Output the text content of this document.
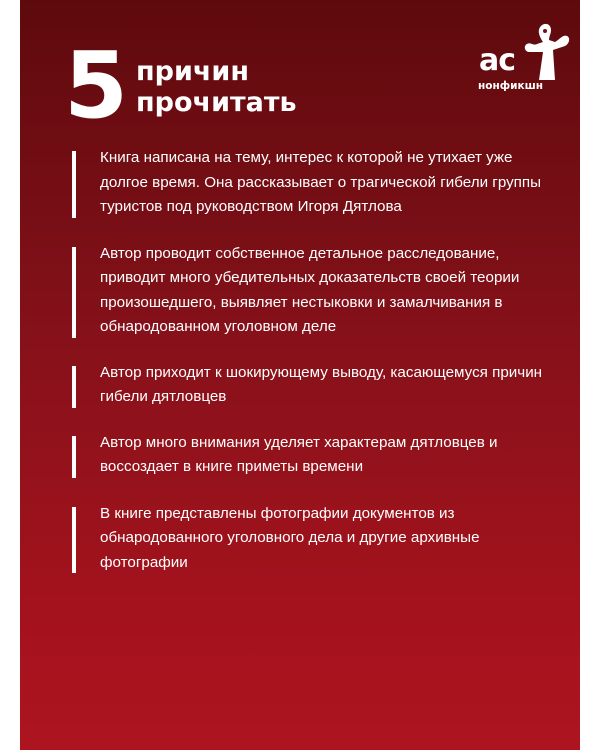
5 причин
прочитать
ас
нонфикшн
Книга написана на тему, интерес к которой не утихает уже долгое время. Она рассказывает о трагической гибели группы туристов под руководством Игоря Дятлова
Автор проводит собственное детальное расследование, приводит много убедительных доказательств своей теории произошедшего, выявляет нестыковки и замалчивания в обнародованном уголовном деле
Автор приходит к шокирующему выводу, касающемуся причин гибели дятловцев
Автор много внимания уделяет характерам дятловцев и воссоздает в книге приметы времени
В книге представлены фотографии документов из обнародованного уголовного дела и другие архивные фотографии
